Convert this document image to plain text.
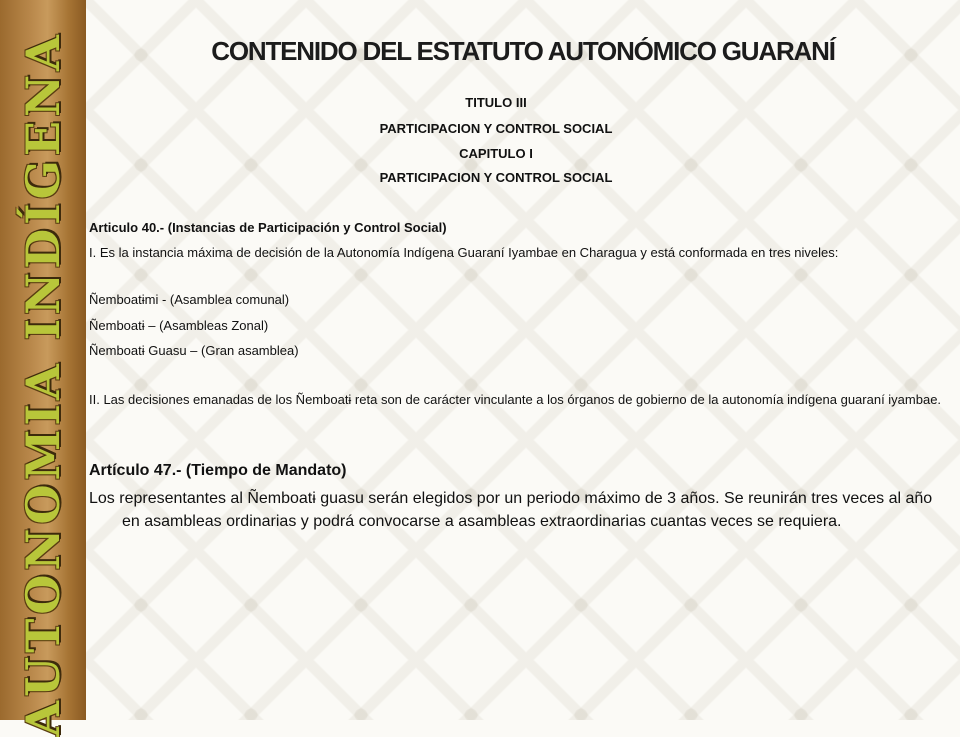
AUTONOMIA INDÍGENA	CONTENIDO DEL ESTATUTO AUTONÓMICO GUARANÍ
TITULO III
PARTICIPACION Y CONTROL SOCIAL
CAPITULO I
PARTICIPACION Y CONTROL SOCIAL
Articulo 40.- (Instancias de Participación y Control Social)
I. Es la instancia máxima de decisión de la Autonomía Indígena Guaraní Iyambae en Charagua y está conformada en tres niveles:
Ñemboatɨmi - (Asamblea comunal)
Ñemboatɨ – (Asambleas Zonal)
Ñemboatɨ Guasu – (Gran asamblea)
II. Las decisiones emanadas de los Ñemboatɨ reta son de carácter vinculante a los órganos de gobierno de la autonomía indígena guaraní iyambae.
Artículo 47.- (Tiempo de Mandato)
Los representantes al Ñemboatɨ guasu serán elegidos por un periodo máximo de 3 años. Se reunirán tres veces al año en asambleas ordinarias y podrá convocarse a asambleas extraordinarias cuantas veces se requiera.
